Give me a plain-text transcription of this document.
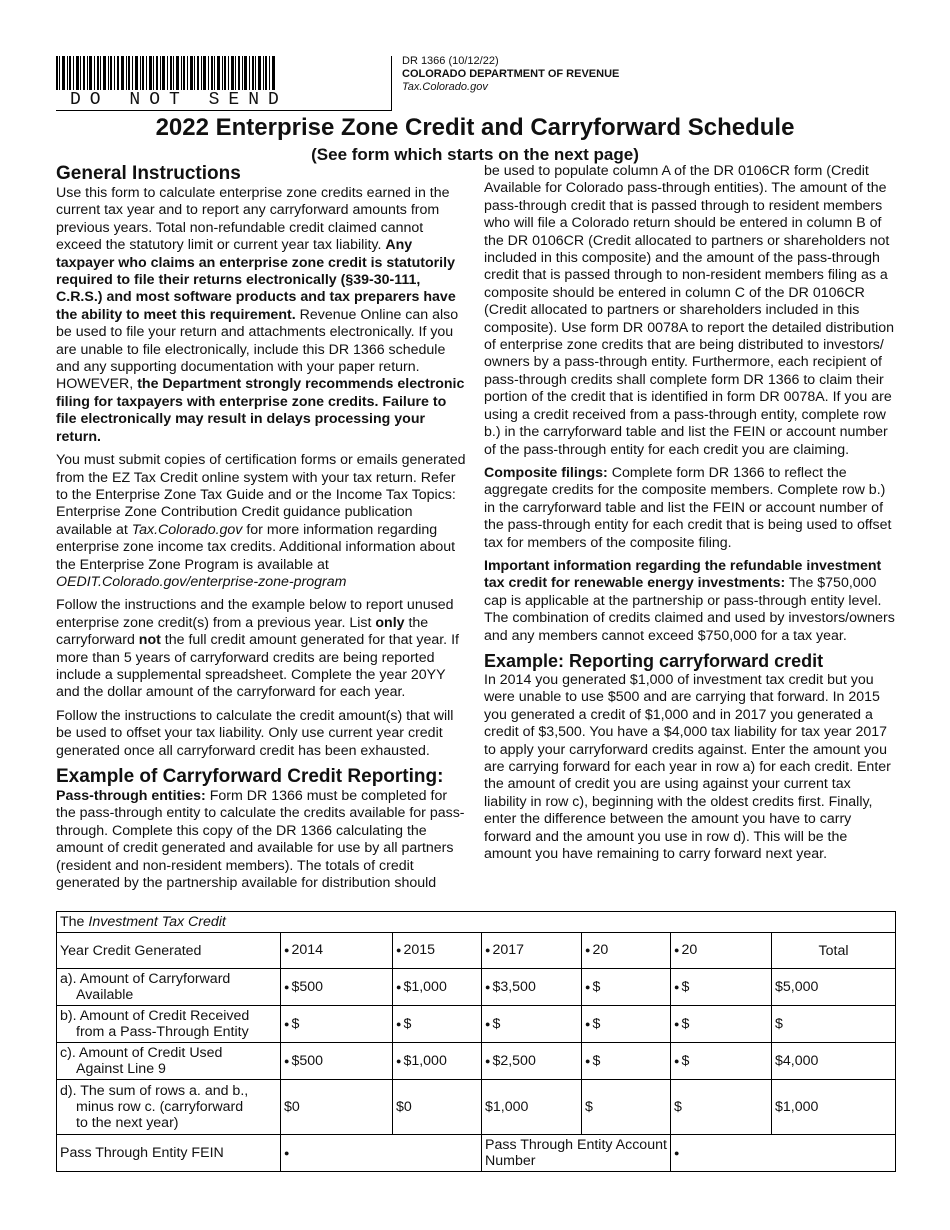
DO NOT SEND
DR 1366 (10/12/22)
COLORADO DEPARTMENT OF REVENUE
Tax.Colorado.gov
2022 Enterprise Zone Credit and Carryforward Schedule
(See form which starts on the next page)
General Instructions

Use this form to calculate enterprise zone credits earned in the current tax year and to report any carryforward amounts from previous years. Total non-refundable credit claimed cannot exceed the statutory limit or current year tax liability. Any taxpayer who claims an enterprise zone credit is statutorily required to file their returns electronically (§39-30-111, C.R.S.) and most software products and tax preparers have the ability to meet this requirement. Revenue Online can also be used to file your return and attachments electronically. If you are unable to file electronically, include this DR 1366 schedule and any supporting documentation with your paper return. HOWEVER, the Department strongly recommends electronic filing for taxpayers with enterprise zone credits. Failure to file electronically may result in delays processing your return.

You must submit copies of certification forms or emails generated from the EZ Tax Credit online system with your tax return. Refer to the Enterprise Zone Tax Guide and or the Income Tax Topics: Enterprise Zone Contribution Credit guidance publication available at Tax.Colorado.gov for more information regarding enterprise zone income tax credits. Additional information about the Enterprise Zone Program is available at OEDIT.Colorado.gov/enterprise-zone-program

Follow the instructions and the example below to report unused enterprise zone credit(s) from a previous year. List only the carryforward not the full credit amount generated for that year. If more than 5 years of carryforward credits are being reported include a supplemental spreadsheet. Complete the year 20YY and the dollar amount of the carryforward for each year.

Follow the instructions to calculate the credit amount(s) that will be used to offset your tax liability. Only use current year credit generated once all carryforward credit has been exhausted.

Example of Carryforward Credit Reporting:

Pass-through entities: Form DR 1366 must be completed for the pass-through entity to calculate the credits available for pass-through. Complete this copy of the DR 1366 calculating the amount of credit generated and available for use by all partners (resident and non-resident members). The totals of credit generated by the partnership available for distribution should

be used to populate column A of the DR 0106CR form (Credit Available for Colorado pass-through entities). The amount of the pass-through credit that is passed through to resident members who will file a Colorado return should be entered in column B of the DR 0106CR (Credit allocated to partners or shareholders not included in this composite) and the amount of the pass-through credit that is passed through to non-resident members filing as a composite should be entered in column C of the DR 0106CR (Credit allocated to partners or shareholders included in this composite). Use form DR 0078A to report the detailed distribution of enterprise zone credits that are being distributed to investors/ owners by a pass-through entity. Furthermore, each recipient of pass-through credits shall complete form DR 1366 to claim their portion of the credit that is identified in form DR 0078A. If you are using a credit received from a pass-through entity, complete row b.) in the carryforward table and list the FEIN or account number of the pass-through entity for each credit you are claiming.

Composite filings: Complete form DR 1366 to reflect the aggregate credits for the composite members. Complete row b.) in the carryforward table and list the FEIN or account number of the pass-through entity for each credit that is being used to offset tax for members of the composite filing.

Important information regarding the refundable investment tax credit for renewable energy investments: The $750,000 cap is applicable at the partnership or pass-through entity level. The combination of credits claimed and used by investors/owners and any members cannot exceed $750,000 for a tax year.

Example: Reporting carryforward credit

In 2014 you generated $1,000 of investment tax credit but you were unable to use $500 and are carrying that forward. In 2015 you generated a credit of $1,000 and in 2017 you generated a credit of $3,500. You have a $4,000 tax liability for tax year 2017 to apply your carryforward credits against. Enter the amount you are carrying forward for each year in row a) for each credit. Enter the amount of credit you are using against your current tax liability in row c), beginning with the oldest credits first. Finally, enter the difference between the amount you have to carry forward and the amount you use in row d). This will be the amount you have remaining to carry forward next year.

The Investment Tax Credit						
Year Credit Generated	● 2014	● 2015	● 2017	● 20	● 20	Total
a). Amount of Carryforward
Available	● $500	● $1,000	● $3,500	● $	● $	$5,000
b). Amount of Credit Received
from a Pass-Through Entity	● $	● $	● $	● $	● $	$
c). Amount of Credit Used
Against Line 9	● $500	● $1,000	● $2,500	● $	● $	$4,000
d). The sum of rows a. and b.,
minus row c. (carryforward
to the next year)	$0	$0	$1,000	$	$	$1,000
Pass Through Entity FEIN	●		Pass Through Entity Account Number	●
